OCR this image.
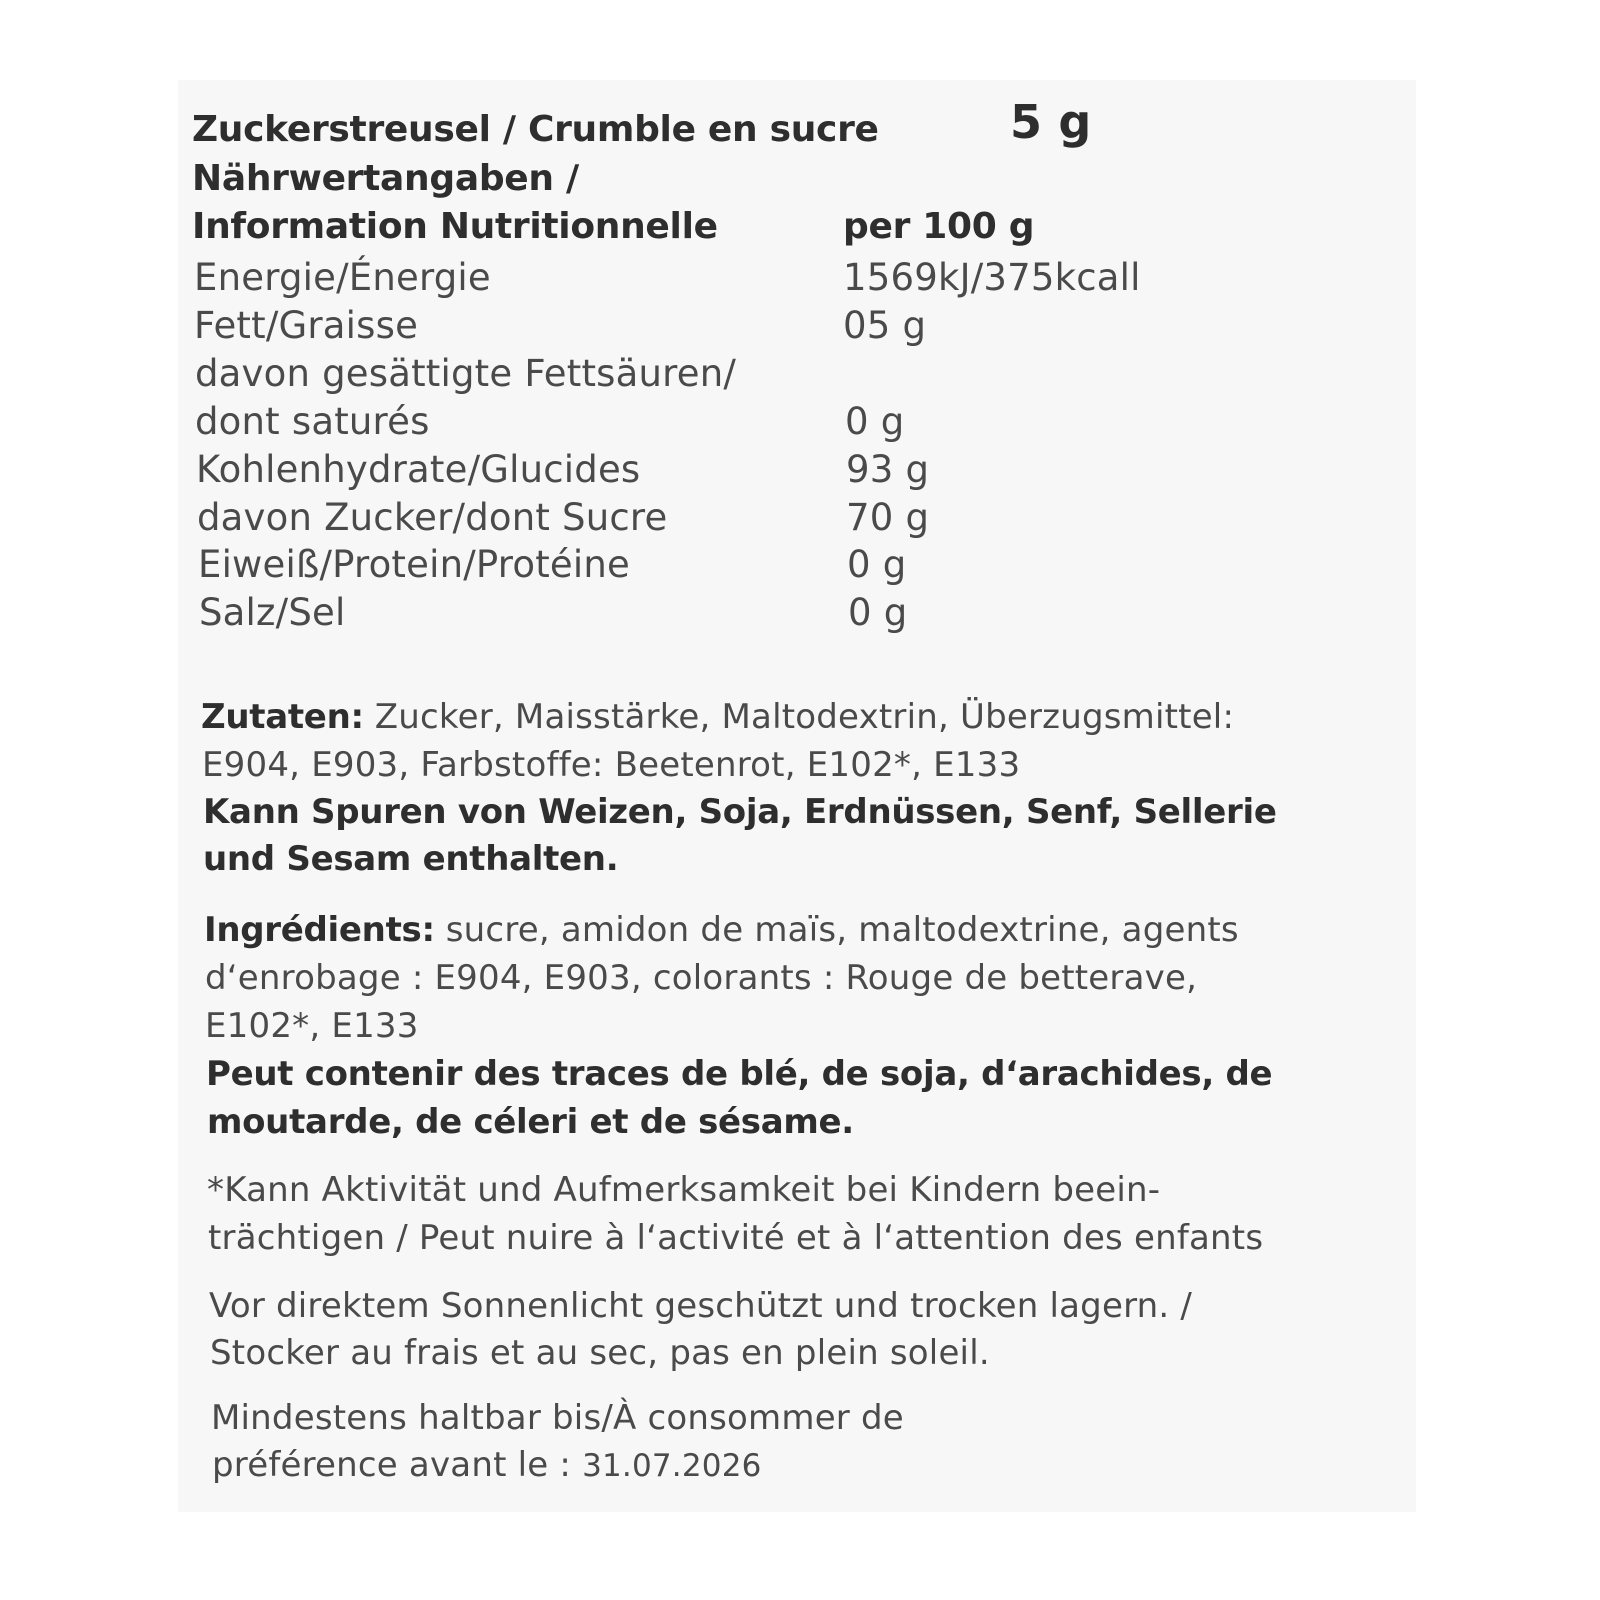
Zuckerstreusel / Crumble en sucre	5 g
Nährwertangaben /
Information Nutritionnelle	per 100 g
Energie/Énergie	1569kJ/375kcall
Fett/Graisse	05 g
davon gesättigte Fettsäuren/
dont saturés	0 g
Kohlenhydrate/Glucides	93 g
davon Zucker/dont Sucre	70 g
Eiweiß/Protein/Protéine	0 g
Salz/Sel	0 g
Zutaten: Zucker, Maisstärke, Maltodextrin, Überzugsmittel:
E904, E903, Farbstoffe: Beetenrot, E102*, E133
Kann Spuren von Weizen, Soja, Erdnüssen, Senf, Sellerie
und Sesam enthalten.
Ingrédients: sucre, amidon de maïs, maltodextrine, agents
d‘enrobage : E904, E903, colorants : Rouge de betterave,
E102*, E133
Peut contenir des traces de blé, de soja, d‘arachides, de
moutarde, de céleri et de sésame.
*Kann Aktivität und Aufmerksamkeit bei Kindern beein-
trächtigen / Peut nuire à l‘activité et à l‘attention des enfants
Vor direktem Sonnenlicht geschützt und trocken lagern. /
Stocker au frais et au sec, pas en plein soleil.
Mindestens haltbar bis/À consommer de
préférence avant le : 31.07.2026
